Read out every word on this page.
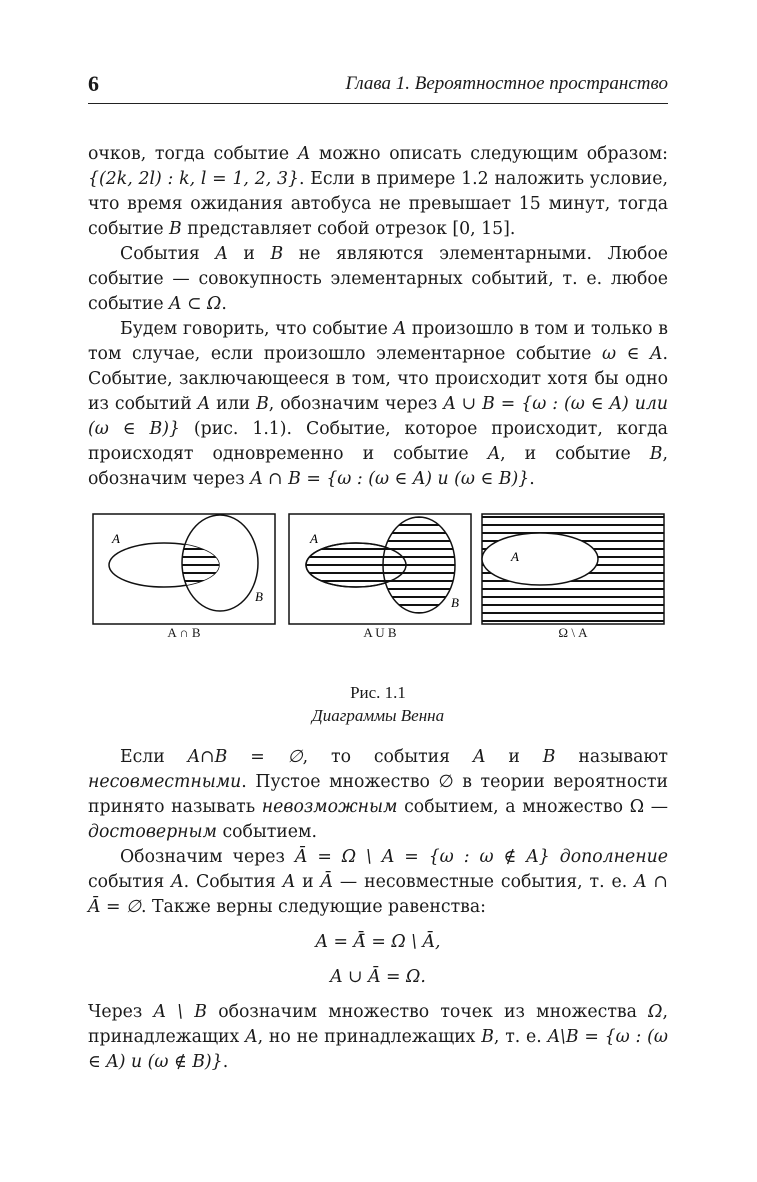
6	Глава 1. Вероятностное пространство

очков, тогда событие A можно описать следующим образом: {(2k, 2l) : k, l = 1, 2, 3}. Если в примере 1.2 наложить условие, что время ожидания автобуса не превышает 15 минут, тогда событие B представляет собой отрезок [0, 15].

События A и B не являются элементарными. Любое событие — совокупность элементарных событий, т. е. любое событие A ⊂ Ω.

Будем говорить, что событие A произошло в том и только в том случае, если произошло элементарное событие ω ∈ A. Событие, заключающееся в том, что происходит хотя бы одно из событий A или B, обозначим через A ∪ B = {ω : (ω ∈ A) или (ω ∈ B)} (рис. 1.1). Событие, которое происходит, когда происходят одновременно и событие A, и событие B, обозначим через A ∩ B = {ω : (ω ∈ A) и (ω ∈ B)}.

A
B
A
B
A
A ∩ B	A U B	Ω \ A
Рис. 1.1
Диаграммы Венна

Если A∩B = ∅, то события A и B называют несовместными. Пустое множество ∅ в теории вероятности принято называть невозможным событием, а множество Ω — достоверным событием.

Обозначим через Ā = Ω \ A = {ω : ω ∉ A} дополнение события A. События A и Ā — несовместные события, т. е. A ∩ Ā = ∅. Также верны следующие равенства:

A = Ā̄ = Ω \ Ā,
A ∪ Ā = Ω.

Через A \ B обозначим множество точек из множества Ω, принадлежащих A, но не принадлежащих B, т. е. A\B = {ω : (ω ∈ A) и (ω ∉ B)}.
